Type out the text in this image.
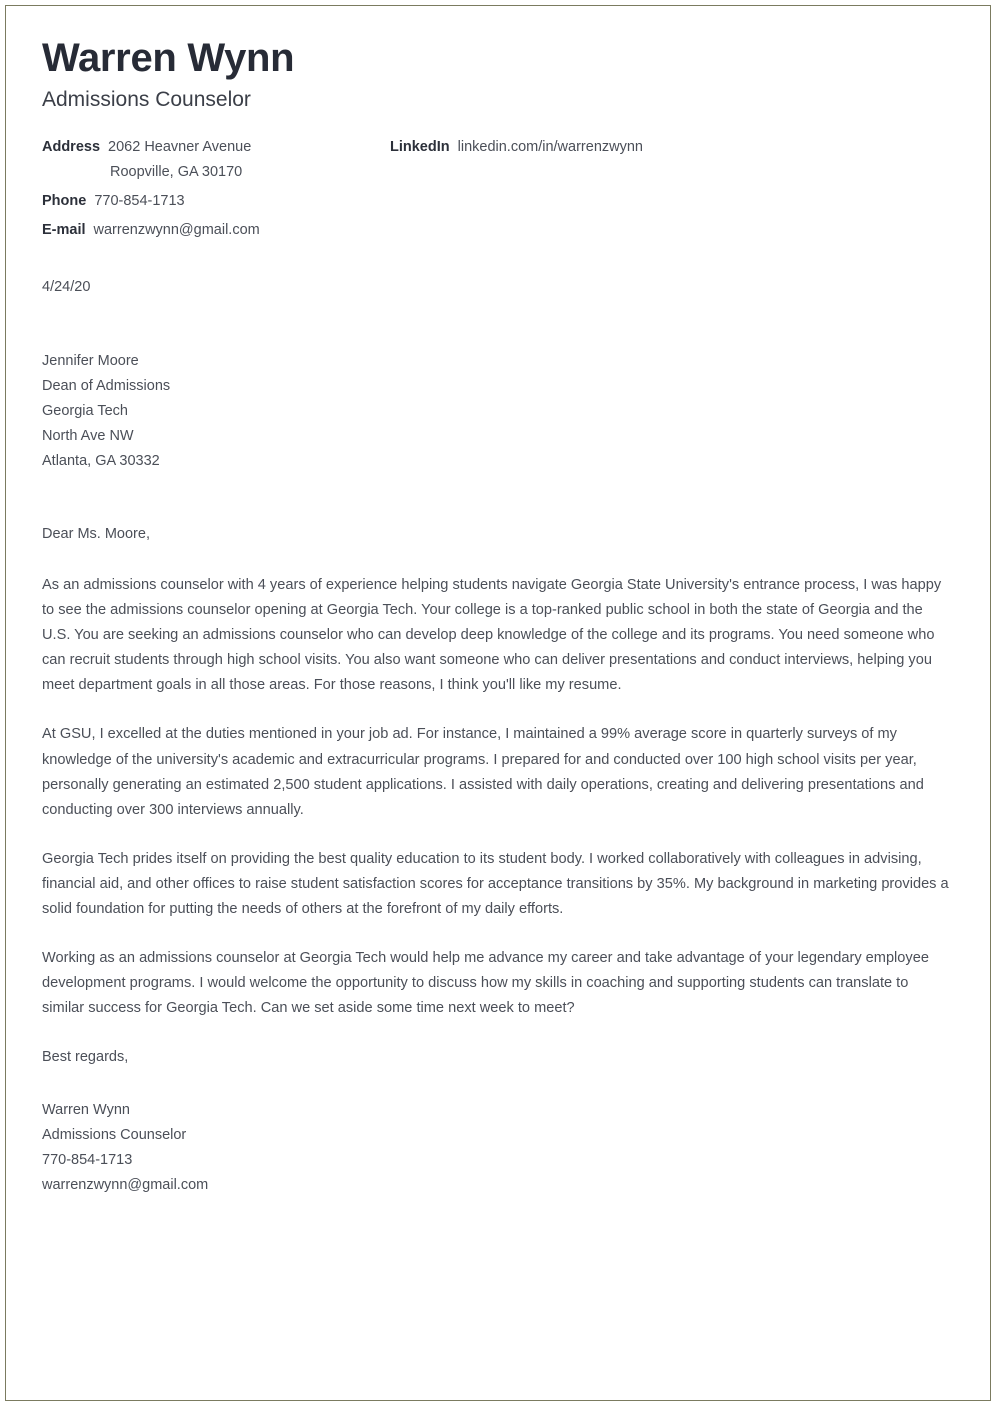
Warren Wynn
Admissions Counselor
Address 2062 Heavner Avenue
Roopville, GA 30170
Phone 770-854-1713
E-mail warrenzwynn@gmail.com
LinkedIn linkedin.com/in/warrenzwynn
4/24/20
Jennifer Moore
Dean of Admissions
Georgia Tech
North Ave NW
Atlanta, GA 30332
Dear Ms. Moore,

As an admissions counselor with 4 years of experience helping students navigate Georgia State University's entrance process, I was happy to see the admissions counselor opening at Georgia Tech. Your college is a top-ranked public school in both the state of Georgia and the U.S. You are seeking an admissions counselor who can develop deep knowledge of the college and its programs. You need someone who can recruit students through high school visits. You also want someone who can deliver presentations and conduct interviews, helping you meet department goals in all those areas. For those reasons, I think you'll like my resume.

At GSU, I excelled at the duties mentioned in your job ad. For instance, I maintained a 99% average score in quarterly surveys of my knowledge of the university's academic and extracurricular programs. I prepared for and conducted over 100 high school visits per year, personally generating an estimated 2,500 student applications. I assisted with daily operations, creating and delivering presentations and conducting over 300 interviews annually.

Georgia Tech prides itself on providing the best quality education to its student body. I worked collaboratively with colleagues in advising, financial aid, and other offices to raise student satisfaction scores for acceptance transitions by 35%. My background in marketing provides a solid foundation for putting the needs of others at the forefront of my daily efforts.

Working as an admissions counselor at Georgia Tech would help me advance my career and take advantage of your legendary employee development programs. I would welcome the opportunity to discuss how my skills in coaching and supporting students can translate to similar success for Georgia Tech. Can we set aside some time next week to meet?

Best regards,
Warren Wynn
Admissions Counselor
770-854-1713
warrenzwynn@gmail.com
